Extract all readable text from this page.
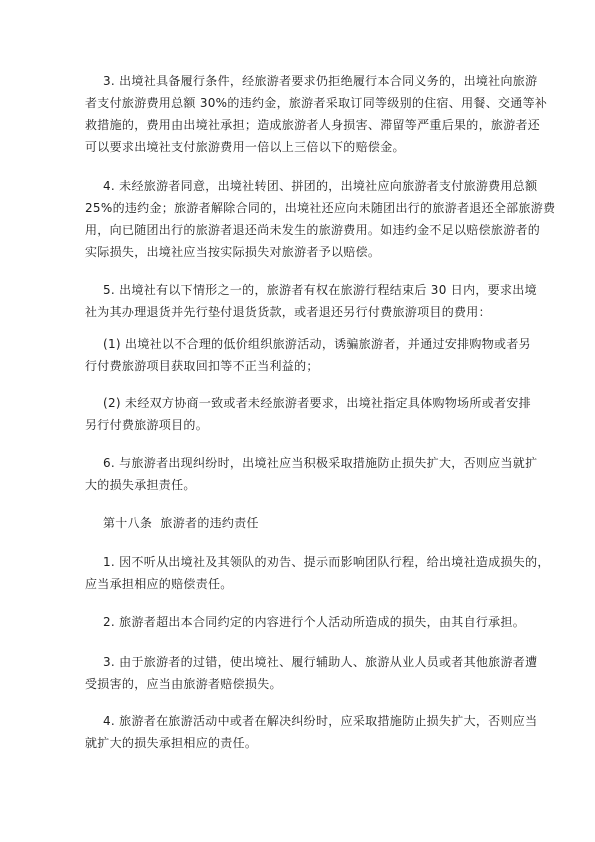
3. 出境社具备履行条件，经旅游者要求仍拒绝履行本合同义务的，出境社向旅游
者支付旅游费用总额 30%的违约金，旅游者采取订同等级别的住宿、用餐、交通等补
救措施的，费用由出境社承担；造成旅游者人身损害、滞留等严重后果的，旅游者还
可以要求出境社支付旅游费用一倍以上三倍以下的赔偿金。
4. 未经旅游者同意，出境社转团、拼团的，出境社应向旅游者支付旅游费用总额
25%的违约金；旅游者解除合同的，出境社还应向未随团出行的旅游者退还全部旅游费
用，向已随团出行的旅游者退还尚未发生的旅游费用。如违约金不足以赔偿旅游者的
实际损失，出境社应当按实际损失对旅游者予以赔偿。
5. 出境社有以下情形之一的，旅游者有权在旅游行程结束后 30 日内，要求出境
社为其办理退货并先行垫付退货货款，或者退还另行付费旅游项目的费用：
(1) 出境社以不合理的低价组织旅游活动，诱骗旅游者，并通过安排购物或者另
行付费旅游项目获取回扣等不正当利益的；
(2) 未经双方协商一致或者未经旅游者要求，出境社指定具体购物场所或者安排
另行付费旅游项目的。
6. 与旅游者出现纠纷时，出境社应当积极采取措施防止损失扩大，否则应当就扩
大的损失承担责任。
第十八条  旅游者的违约责任
1. 因不听从出境社及其领队的劝告、提示而影响团队行程，给出境社造成损失的，
应当承担相应的赔偿责任。
2. 旅游者超出本合同约定的内容进行个人活动所造成的损失，由其自行承担。
3. 由于旅游者的过错，使出境社、履行辅助人、旅游从业人员或者其他旅游者遭
受损害的，应当由旅游者赔偿损失。
4. 旅游者在旅游活动中或者在解决纠纷时，应采取措施防止损失扩大，否则应当
就扩大的损失承担相应的责任。
